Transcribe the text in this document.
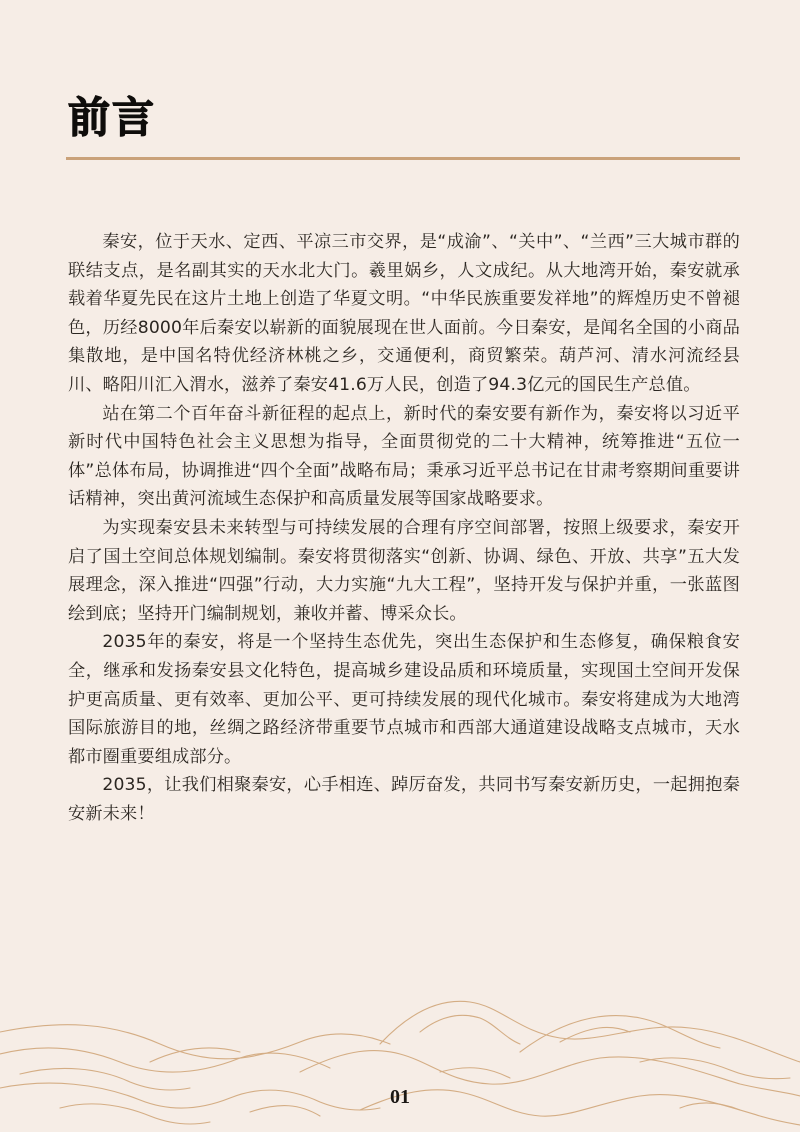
前言

秦安，位于天水、定西、平凉三市交界，是“成渝”、“关中”、“兰西”三大城市群的联结支点，是名副其实的天水北大门。羲里娲乡，人文成纪。从大地湾开始，秦安就承载着华夏先民在这片土地上创造了华夏文明。“中华民族重要发祥地”的辉煌历史不曾褪色，历经8000年后秦安以崭新的面貌展现在世人面前。今日秦安，是闻名全国的小商品集散地，是中国名特优经济林桃之乡，交通便利，商贸繁荣。葫芦河、清水河流经县川、略阳川汇入渭水，滋养了秦安41.6万人民，创造了94.3亿元的国民生产总值。

站在第二个百年奋斗新征程的起点上，新时代的秦安要有新作为，秦安将以习近平新时代中国特色社会主义思想为指导，全面贯彻党的二十大精神，统筹推进“五位一体”总体布局，协调推进“四个全面”战略布局；秉承习近平总书记在甘肃考察期间重要讲话精神，突出黄河流域生态保护和高质量发展等国家战略要求。

为实现秦安县未来转型与可持续发展的合理有序空间部署，按照上级要求，秦安开启了国土空间总体规划编制。秦安将贯彻落实“创新、协调、绿色、开放、共享”五大发展理念，深入推进“四强”行动，大力实施“九大工程”，坚持开发与保护并重，一张蓝图绘到底；坚持开门编制规划，兼收并蓄、博采众长。

2035年的秦安，将是一个坚持生态优先，突出生态保护和生态修复，确保粮食安全，继承和发扬秦安县文化特色，提高城乡建设品质和环境质量，实现国土空间开发保护更高质量、更有效率、更加公平、更可持续发展的现代化城市。秦安将建成为大地湾国际旅游目的地，丝绸之路经济带重要节点城市和西部大通道建设战略支点城市，天水都市圈重要组成部分。

2035，让我们相聚秦安，心手相连、踔厉奋发，共同书写秦安新历史，一起拥抱秦安新未来！

01
